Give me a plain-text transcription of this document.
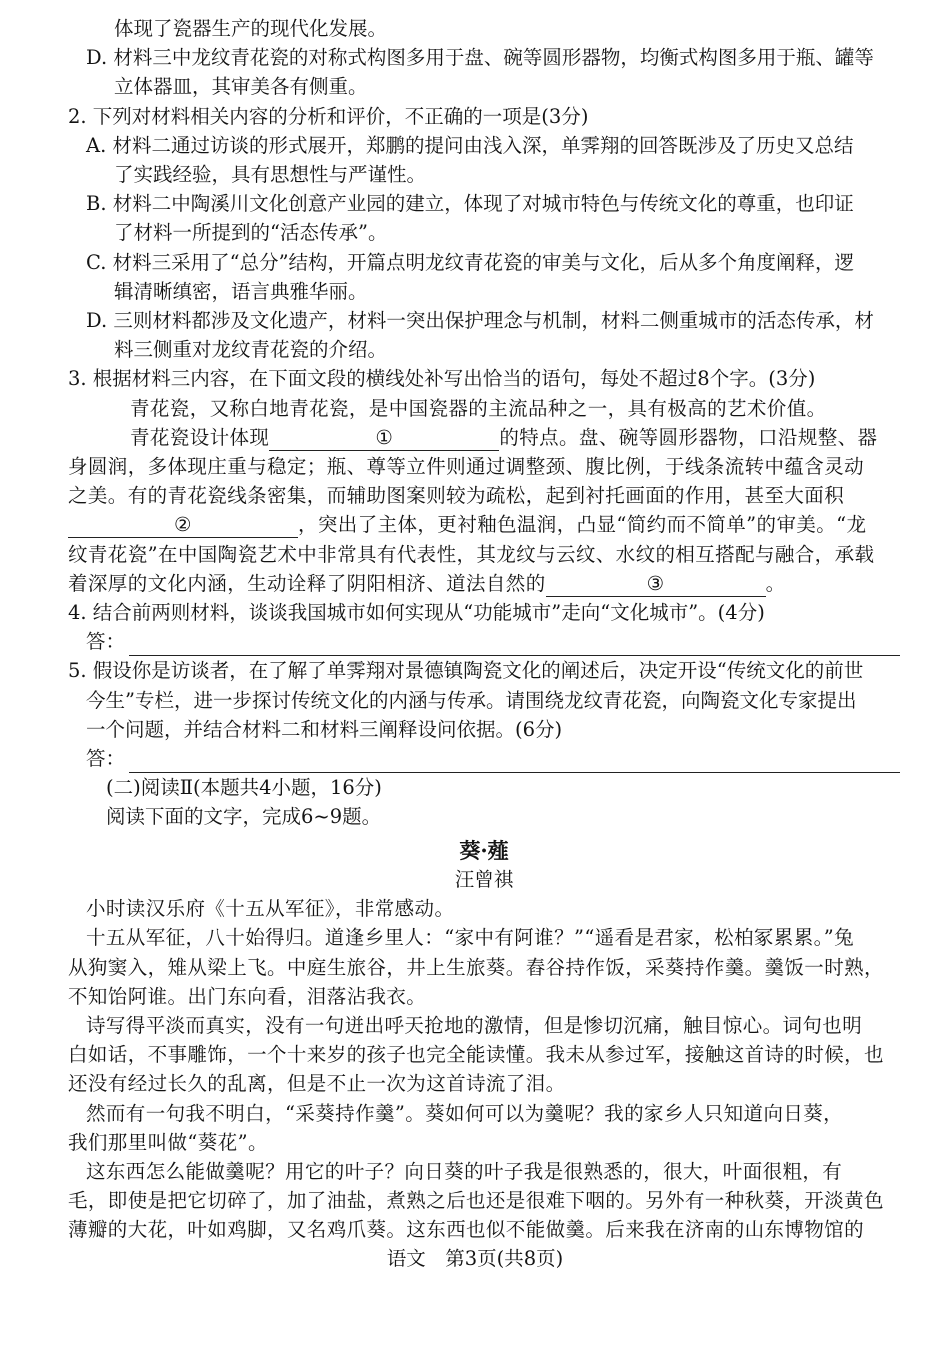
体现了瓷器生产的现代化发展。
D. 材料三中龙纹青花瓷的对称式构图多用于盘、碗等圆形器物，均衡式构图多用于瓶、罐等
立体器皿，其审美各有侧重。
2. 下列对材料相关内容的分析和评价，不正确的一项是(3分)
A. 材料二通过访谈的形式展开，郑鹏的提问由浅入深，单霁翔的回答既涉及了历史又总结
了实践经验，具有思想性与严谨性。
B. 材料二中陶溪川文化创意产业园的建立，体现了对城市特色与传统文化的尊重，也印证
了材料一所提到的“活态传承”。
C. 材料三采用了“总分”结构，开篇点明龙纹青花瓷的审美与文化，后从多个角度阐释，逻
辑清晰缜密，语言典雅华丽。
D. 三则材料都涉及文化遗产，材料一突出保护理念与机制，材料二侧重城市的活态传承，材
料三侧重对龙纹青花瓷的介绍。
3. 根据材料三内容，在下面文段的横线处补写出恰当的语句，每处不超过8个字。(3分)
青花瓷，又称白地青花瓷，是中国瓷器的主流品种之一，具有极高的艺术价值。
青花瓷设计体现	①	的特点。盘、碗等圆形器物，口沿规整、器
身圆润，多体现庄重与稳定；瓶、尊等立件则通过调整颈、腹比例，于线条流转中蕴含灵动
之美。有的青花瓷线条密集，而辅助图案则较为疏松，起到衬托画面的作用，甚至大面积
②	，突出了主体，更衬釉色温润，凸显“简约而不简单”的审美。“龙
纹青花瓷”在中国陶瓷艺术中非常具有代表性，其龙纹与云纹、水纹的相互搭配与融合，承载
着深厚的文化内涵，生动诠释了阴阳相济、道法自然的	③	。
4. 结合前两则材料，谈谈我国城市如何实现从“功能城市”走向“文化城市”。(4分)
答：
5. 假设你是访谈者，在了解了单霁翔对景德镇陶瓷文化的阐述后，决定开设“传统文化的前世
今生”专栏，进一步探讨传统文化的内涵与传承。请围绕龙纹青花瓷，向陶瓷文化专家提出
一个问题，并结合材料二和材料三阐释设问依据。(6分)
答：
(二)阅读Ⅱ(本题共4小题，16分)
阅读下面的文字，完成6~9题。
葵·薤
汪曾祺
小时读汉乐府《十五从军征》，非常感动。
十五从军征，八十始得归。道逢乡里人：“家中有阿谁？”“遥看是君家，松柏冢累累。”兔
从狗窦入，雉从梁上飞。中庭生旅谷，井上生旅葵。舂谷持作饭，采葵持作羹。羹饭一时熟，
不知饴阿谁。出门东向看，泪落沾我衣。
诗写得平淡而真实，没有一句迸出呼天抢地的激情，但是惨切沉痛，触目惊心。词句也明
白如话，不事雕饰，一个十来岁的孩子也完全能读懂。我未从参过军，接触这首诗的时候，也
还没有经过长久的乱离，但是不止一次为这首诗流了泪。
然而有一句我不明白，“采葵持作羹”。葵如何可以为羹呢？我的家乡人只知道向日葵，
我们那里叫做“葵花”。
这东西怎么能做羹呢？用它的叶子？向日葵的叶子我是很熟悉的，很大，叶面很粗，有
毛，即使是把它切碎了，加了油盐，煮熟之后也还是很难下咽的。另外有一种秋葵，开淡黄色
薄瓣的大花，叶如鸡脚，又名鸡爪葵。这东西也似不能做羹。后来我在济南的山东博物馆的
语文　第3页(共8页)
